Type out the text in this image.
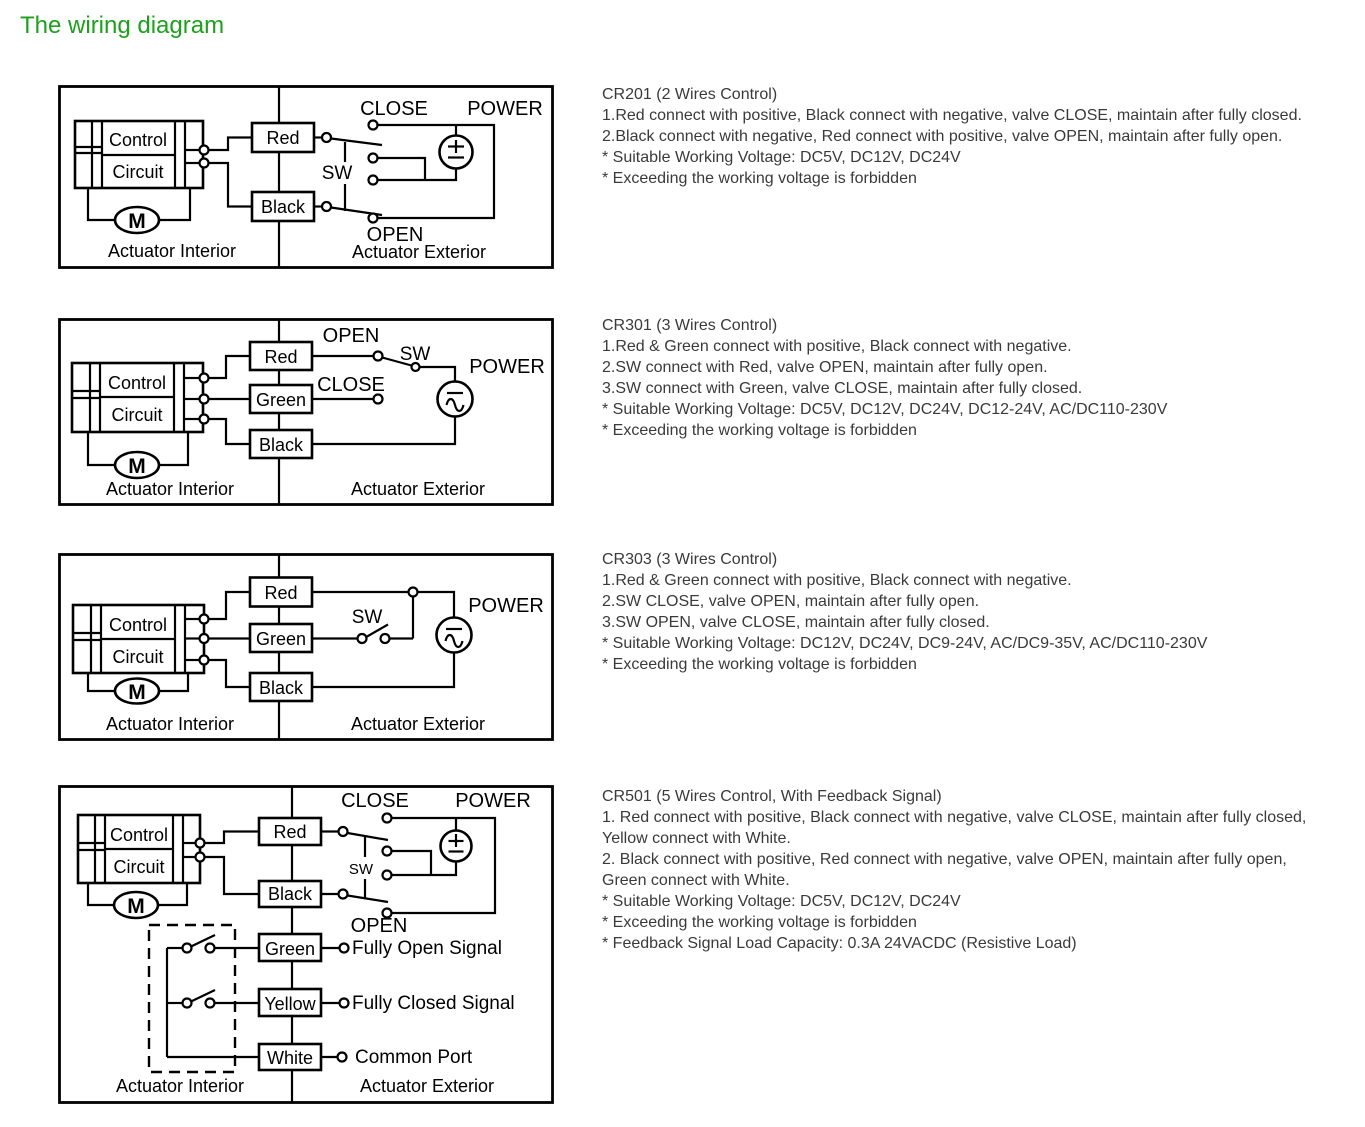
The wiring diagram
Control
Circuit
M
Red
Black
SW
CLOSE POWER
OPEN
Actuator Interior	Actuator Exterior
CR201 (2 Wires Control)
1.Red connect with positive, Black connect with negative, valve CLOSE, maintain after fully closed.
2.Black connect with negative, Red connect with positive, valve OPEN, maintain after fully open.
* Suitable Working Voltage: DC5V, DC12V, DC24V
* Exceeding the working voltage is forbidden
Control
Circuit
M
Red
Green
Black
SW
OPEN
CLOSE
POWER
Actuator Interior	Actuator Exterior
CR301 (3 Wires Control)
1.Red & Green connect with positive, Black connect with negative.
2.SW connect with Red, valve OPEN, maintain after fully open.
3.SW connect with Green, valve CLOSE, maintain after fully closed.
* Suitable Working Voltage: DC5V, DC12V, DC24V, DC12-24V, AC/DC110-230V
* Exceeding the working voltage is forbidden
Control
Circuit
M
Red
Green
Black
SW
POWER
Actuator Interior	Actuator Exterior
CR303 (3 Wires Control)
1.Red & Green connect with positive, Black connect with negative.
2.SW CLOSE, valve OPEN, maintain after fully open.
3.SW OPEN, valve CLOSE, maintain after fully closed.
* Suitable Working Voltage: DC12V, DC24V, DC9-24V, AC/DC9-35V, AC/DC110-230V
* Exceeding the working voltage is forbidden
Control
Circuit
M
Red
Black
SW
Green
Yellow
White
CLOSE POWER
OPEN
Fully Open Signal
Fully Closed Signal
Common Port
Actuator Interior	Actuator Exterior
CR501 (5 Wires Control, With Feedback Signal)
1. Red connect with positive, Black connect with negative, valve CLOSE, maintain after fully closed,
Yellow connect with White.
2. Black connect with positive, Red connect with negative, valve OPEN, maintain after fully open,
Green connect with White.
* Suitable Working Voltage: DC5V, DC12V, DC24V
* Exceeding the working voltage is forbidden
* Feedback Signal Load Capacity: 0.3A 24VACDC (Resistive Load)
